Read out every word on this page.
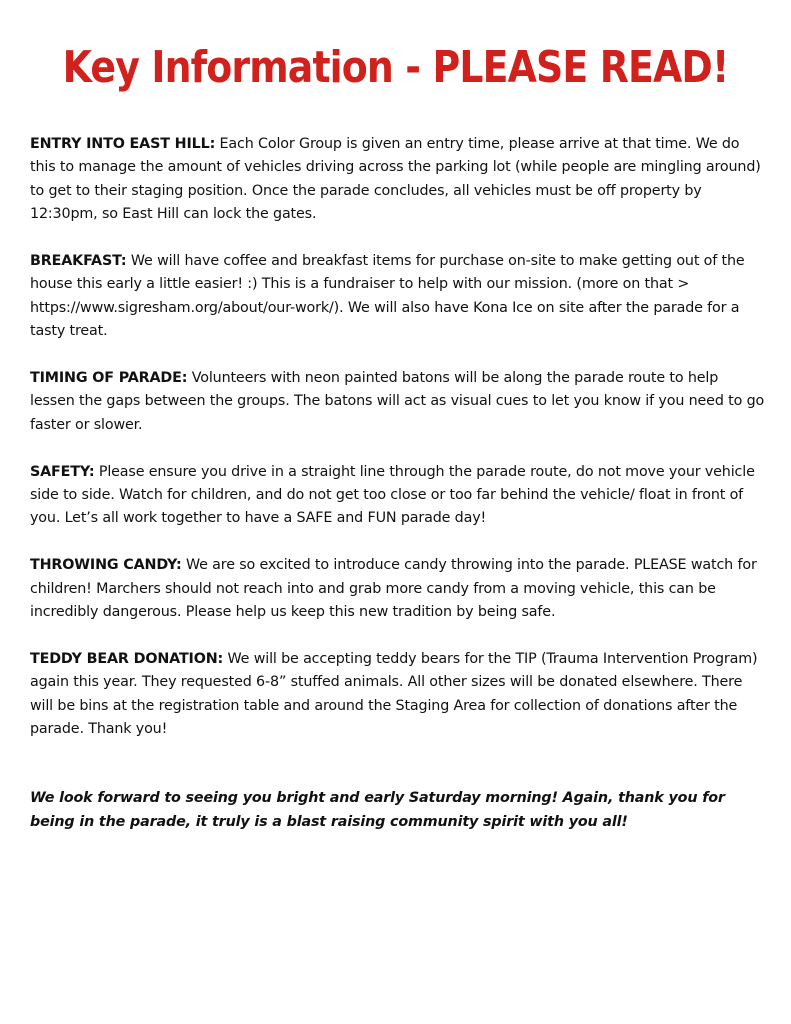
Key Information - PLEASE READ!

ENTRY INTO EAST HILL: Each Color Group is given an entry time, please arrive at that time. We do this to manage the amount of vehicles driving across the parking lot (while people are mingling around) to get to their staging position. Once the parade concludes, all vehicles must be off property by 12:30pm, so East Hill can lock the gates.

BREAKFAST: We will have coffee and breakfast items for purchase on-site to make getting out of the house this early a little easier! :) This is a fundraiser to help with our mission. (more on that > https://www.sigresham.org/about/our-work/). We will also have Kona Ice on site after the parade for a tasty treat.

TIMING OF PARADE: Volunteers with neon painted batons will be along the parade route to help lessen the gaps between the groups. The batons will act as visual cues to let you know if you need to go faster or slower.

SAFETY: Please ensure you drive in a straight line through the parade route, do not move your vehicle side to side. Watch for children, and do not get too close or too far behind the vehicle/ float in front of you. Let’s all work together to have a SAFE and FUN parade day!

THROWING CANDY: We are so excited to introduce candy throwing into the parade. PLEASE watch for children! Marchers should not reach into and grab more candy from a moving vehicle, this can be incredibly dangerous. Please help us keep this new tradition by being safe.

TEDDY BEAR DONATION: We will be accepting teddy bears for the TIP (Trauma Intervention Program) again this year. They requested 6-8” stuffed animals. All other sizes will be donated elsewhere. There will be bins at the registration table and around the Staging Area for collection of donations after the parade. Thank you!

We look forward to seeing you bright and early Saturday morning! Again, thank you for being in the parade, it truly is a blast raising community spirit with you all!
